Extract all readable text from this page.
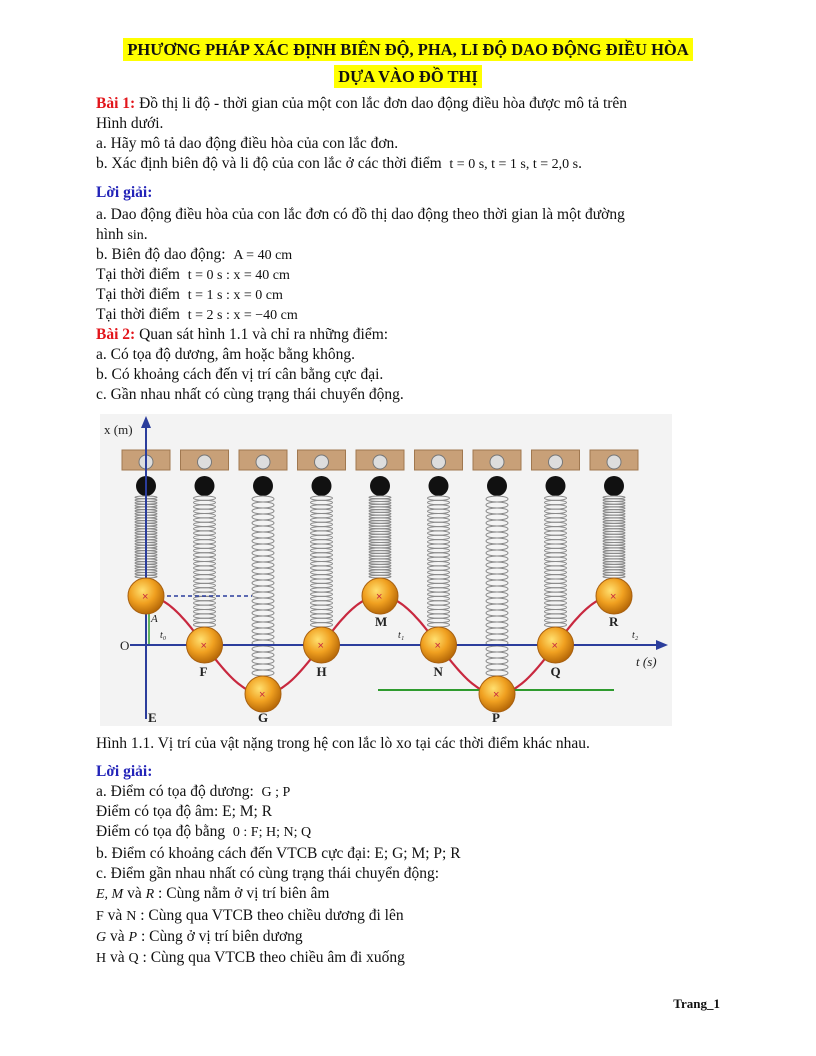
PHƯƠNG PHÁP XÁC ĐỊNH BIÊN ĐỘ, PHA, LI ĐỘ DAO ĐỘNG ĐIỀU HÒA
DỰA VÀO ĐỒ THỊ
Bài 1: Đồ thị li độ - thời gian của một con lắc đơn dao động điều hòa được mô tả trên
Hình dưới.
a. Hãy mô tả dao động điều hòa của con lắc đơn.
b. Xác định biên độ và li độ của con lắc ở các thời điểm t = 0 s, t = 1 s, t = 2,0 s.
Lời giải:
a. Dao động điều hòa của con lắc đơn có đồ thị dao động theo thời gian là một đường
hình sin.
b. Biên độ dao động: A = 40 cm
Tại thời điểm t = 0 s : x = 40 cm
Tại thời điểm t = 1 s : x = 0 cm
Tại thời điểm t = 2 s : x = −40 cm
Bài 2: Quan sát hình 1.1 và chỉ ra những điểm:
a. Có tọa độ dương, âm hoặc bằng không.
b. Có khoảng cách đến vị trí cân bằng cực đại.
c. Gần nhau nhất có cùng trạng thái chuyển động.
×
×
×
×
×
×
×
×
×
x (m)
t (s)
O
A
t₀	t₁	t₂
E
F
G
H
M
N
P
Q
R
Hình 1.1. Vị trí của vật nặng trong hệ con lắc lò xo tại các thời điểm khác nhau.
Lời giải:
a. Điểm có tọa độ dương: G ; P
Điểm có tọa độ âm: E; M; R
Điểm có tọa độ bằng 0 : F; H; N; Q
b. Điểm có khoảng cách đến VTCB cực đại: E; G; M; P; R
c. Điểm gần nhau nhất có cùng trạng thái chuyển động:
E, M và R : Cùng nằm ở vị trí biên âm
F và N : Cùng qua VTCB theo chiều dương đi lên
G và P : Cùng ở vị trí biên dương
H và Q : Cùng qua VTCB theo chiều âm đi xuống
Trang_1
